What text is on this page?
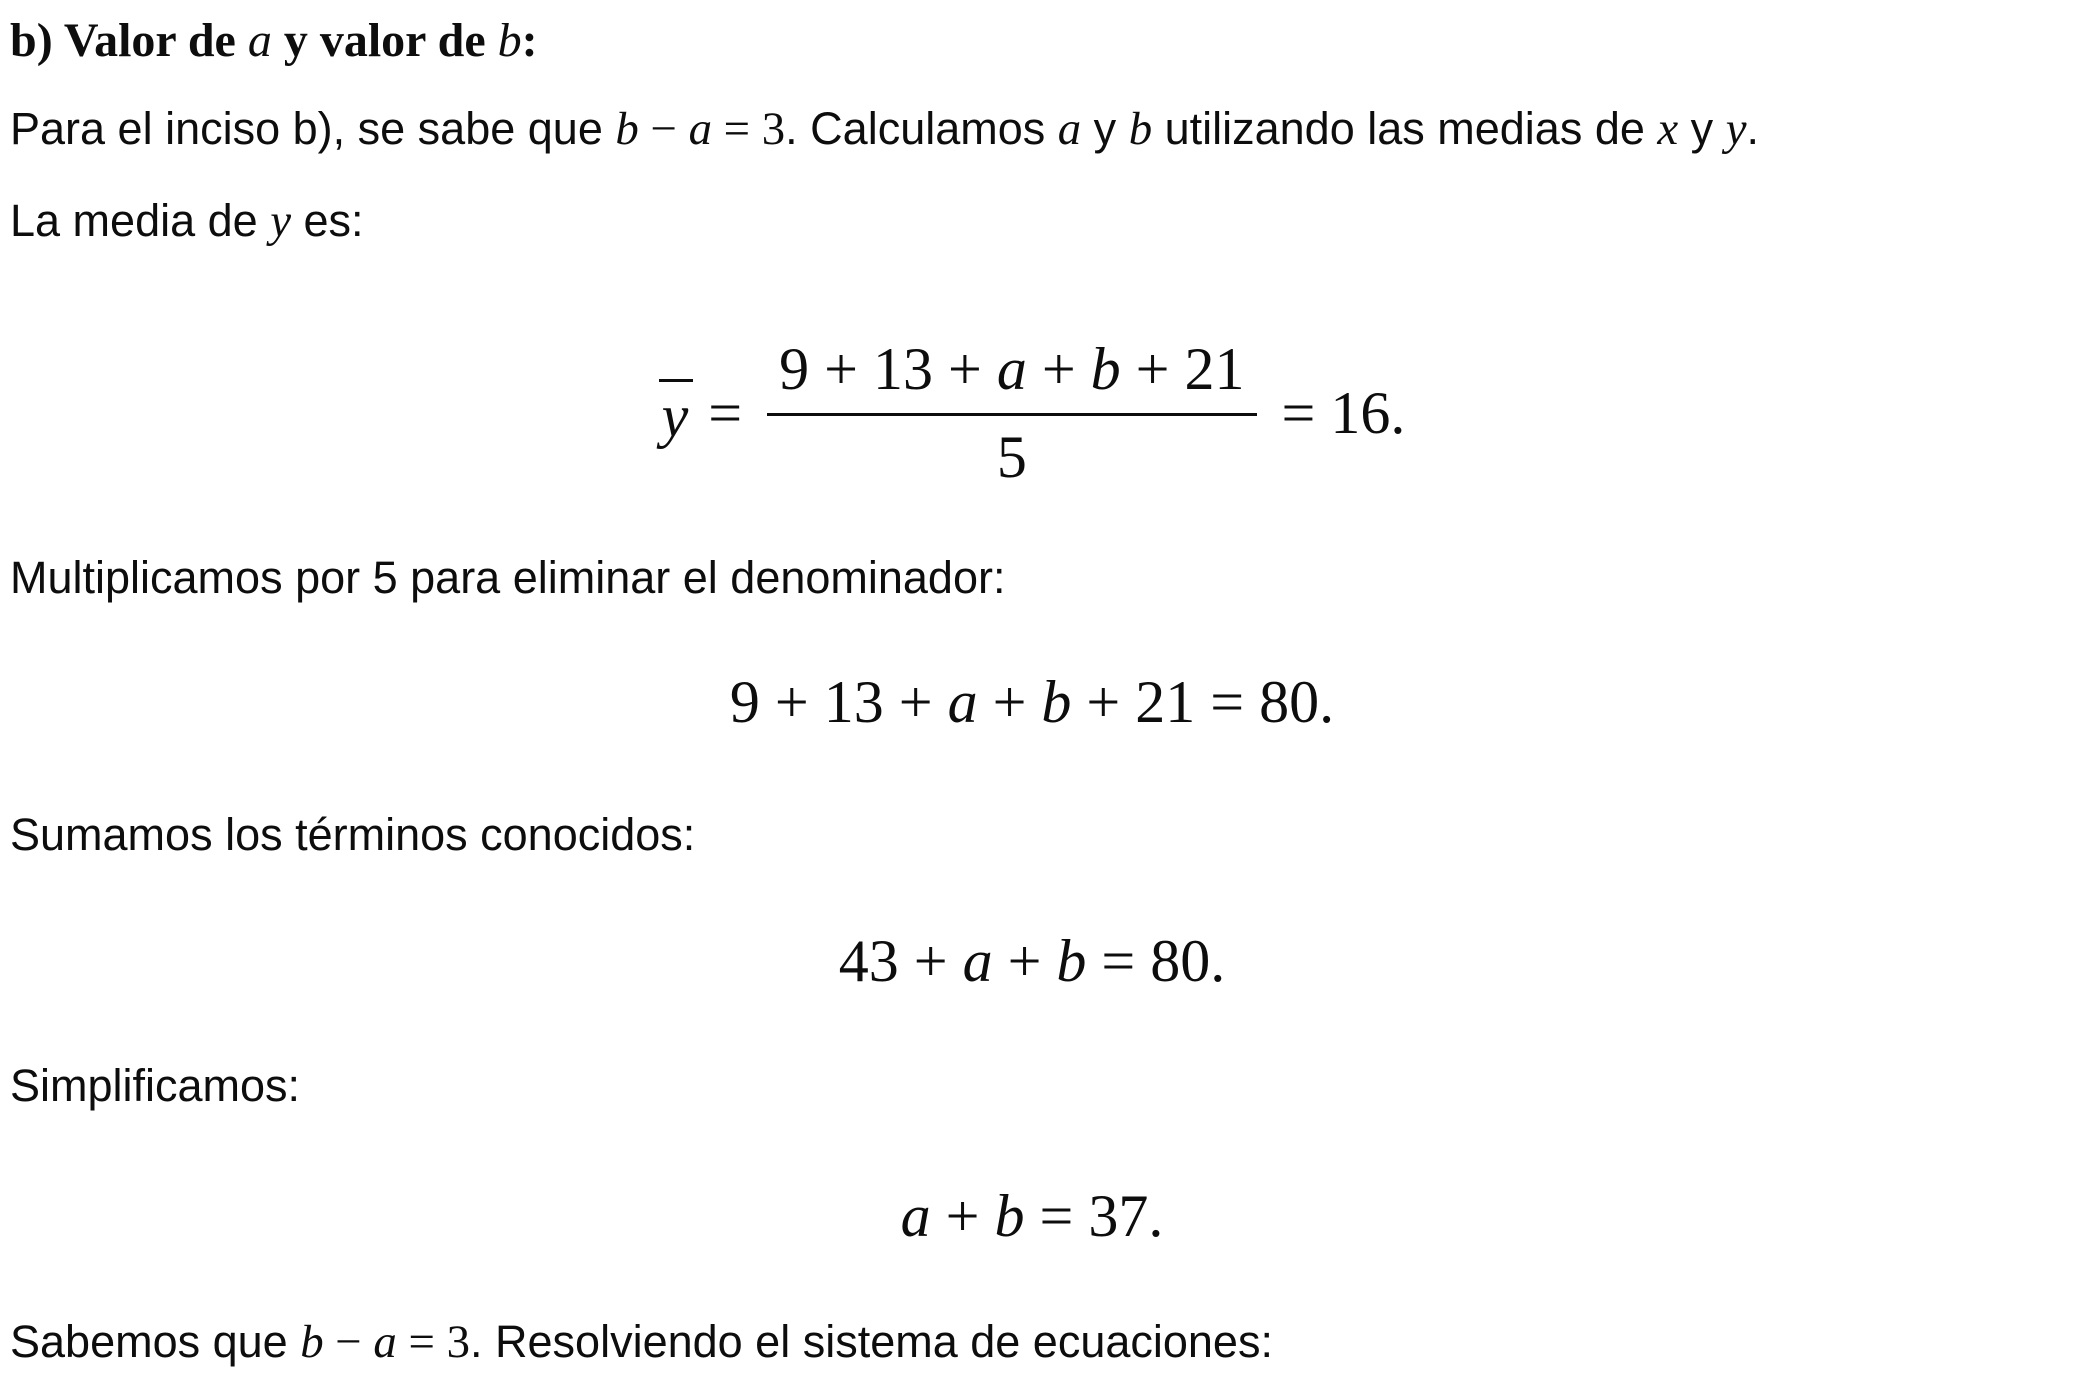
b) Valor de a y valor de b:

Para el inciso b), se sabe que b − a = 3. Calculamos a y b utilizando las medias de x y y.

La media de y es:

$y = \frac{9 + 13 + a + b + 21}{5} = 16$.

Multiplicamos por 5 para eliminar el denominador:

9 + 13 + a + b + 21 = 80.

Sumamos los términos conocidos:

43 + a + b = 80.

Simplificamos:

a + b = 37.

Sabemos que b − a = 3. Resolviendo el sistema de ecuaciones:
